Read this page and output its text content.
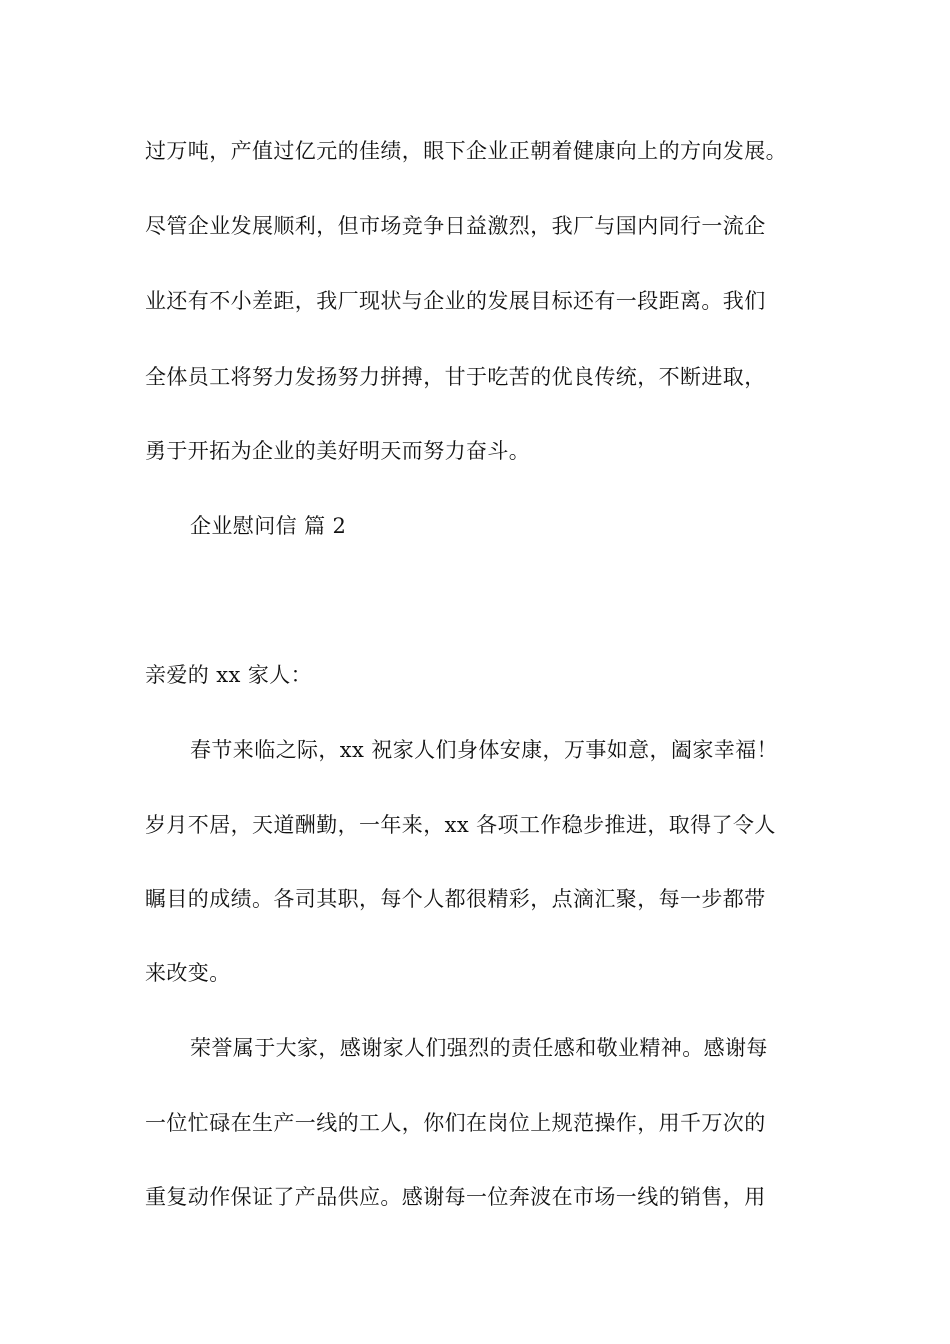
过万吨，产值过亿元的佳绩，眼下企业正朝着健康向上的方向发展。
尽管企业发展顺利，但市场竞争日益激烈，我厂与国内同行一流企
业还有不小差距，我厂现状与企业的发展目标还有一段距离。我们
全体员工将努力发扬努力拼搏，甘于吃苦的优良传统，不断进取，
勇于开拓为企业的美好明天而努力奋斗。
企业慰问信 篇 2
亲爱的 xx 家人：
春节来临之际，xx 祝家人们身体安康，万事如意，阖家幸福！
岁月不居，天道酬勤，一年来，xx 各项工作稳步推进，取得了令人
瞩目的成绩。各司其职，每个人都很精彩，点滴汇聚，每一步都带
来改变。
荣誉属于大家，感谢家人们强烈的责任感和敬业精神。感谢每
一位忙碌在生产一线的工人，你们在岗位上规范操作，用千万次的
重复动作保证了产品供应。感谢每一位奔波在市场一线的销售，用
